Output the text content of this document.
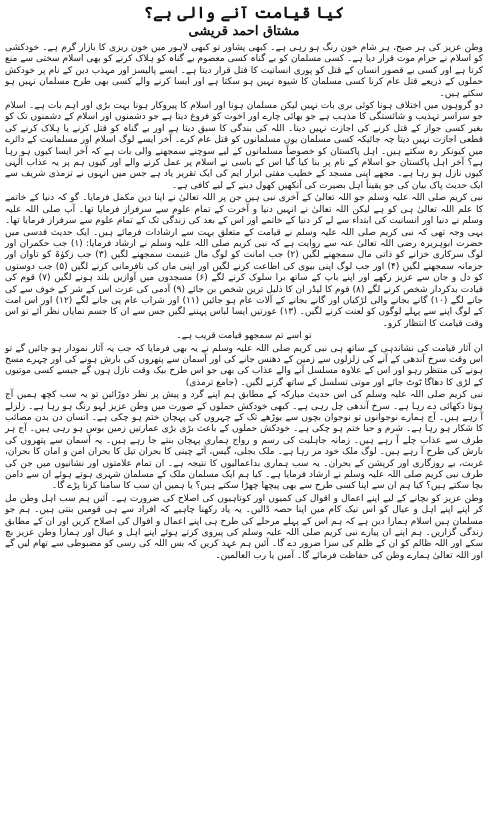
کیا قیامت آنے والی ہے؟
مشتاق احمد قریشی

وطن عزیز کی ہر صبح، ہر شام خون رنگ ہو رہی ہے۔ کبھی پشاور تو کبھی لاہور میں خون ریزی کا بازار گرم ہے۔ خودکشی کو اسلام نے حرام موت قرار دیا ہے۔ کسی مسلمان کو بے گناہ کسی معصوم بے گناہ کو ہلاک کرنے کو بھی اسلام سختی سے منع کرتا ہے اور کسی بے قصور انسان کے قتل کو پوری انسانیت کا قتل قرار دیتا ہے۔ ایسے پالیسز اور مہذب دین کے نام پر خودکش حملوں کے ذریعے قتل عام کرنا کسی مسلمان کا شیوہ نہیں ہو سکتا ہے اور ایسا کرنے والے کسی بھی طرح مسلمان نہیں ہو سکتے ہیں۔

دو گروہوں میں اختلاف ہونا کوئی بری بات نہیں لیکن مسلمان ہونا اور اسلام کا پیروکار ہونا بہت بڑی اور اہم بات ہے۔ اسلام جو سراسر تہذیب و شائستگی کا مذہب ہے جو بھائی چارے اور اخوت کو فروغ دیتا ہے جو دشمنوں اور اسلام کے دشمنوں تک کو بغیر کسی جواز کے قتل کرنے کی اجازت نہیں دیتا۔ اللہ کی بندگی کا سبق دیتا ہے اور بے گناہ کو قتل کرنے یا ہلاک کرنے کی قطعی اجازت نہیں دیتا چہ جائیکہ کسی مسلمان یوں مسلمانوں کو قتل عام کرے۔ آخر ایسے لوگ اسلام اور مسلمانیت کے دائرے میں کیونکر رہ سکتے ہیں۔ اہل پاکستان کو خصوصاً مسلمانوں کے لیے سوچنے سمجھنے والی بات ہے کہ آخر ایسا کیوں ہو رہا ہے؟ آخر اہل پاکستان جو اسلام کے نام پر بنا کیا گیا اس کے باسی نے اسلام پر عمل کرنے والے اور کیوں ہم پر یہ عذاب الٰہی کیوں نازل ہو رہا ہے۔ مجھے اپنی مسجد کے خطیب مفتی ابرار ایم کی ایک تقریر یاد ہے جس میں انہوں نے ترمذی شریف سے ایک حدیث پاک بیان کی جو یقیناً اہل بصیرت کی آنکھیں کھول دینے کے لیے کافی ہے۔

نبی کریم صلی اللہ علیہ وسلم جو اللہ تعالیٰ کے آخری نبی ہیں جن پر اللہ تعالیٰ نے اپنا دین مکمل فرمایا۔ گو کہ دنیا کے خاتمے کا علم اللہ تعالیٰ ہی کو ہے لیکن اللہ تعالیٰ نے انہیں دنیا و آخرت کے تمام علوم سے سرفراز فرمایا تھا۔ آپ صلی اللہ علیہ وسلم نے دنیا اور انسانیت کی ابتداء سے لے کر دنیا کے خاتمے اور اس کے بعد کی زندگی تک کے تمام علوم سے سرفراز فرمایا تھا۔ یہی وجہ تھی کہ نبی کریم صلی اللہ علیہ وسلم نے قیامت کے متعلق بہت سے ارشادات فرمائے ہیں۔ ایک حدیث قدسی میں حضرت ابوہریرہ رضی اللہ تعالیٰ عنہ سے روایت ہے کہ نبی کریم صلی اللہ علیہ وسلم نے ارشاد فرمایا: (۱) جب حکمران اور لوگ سرکاری خزانے کو ذاتی مال سمجھنے لگیں (۲) جب امانت کو لوگ مال غنیمت سمجھنے لگیں (۳) جب زکوٰۃ کو تاوان اور جرمانہ سمجھنے لگیں (۴) اور جب لوگ اپنی بیوی کی اطاعت کرنے لگیں اور اپنی ماں کی نافرمانی کرنے لگیں (۵) جب دوستوں کو دل و جان سے عزیز رکھے اور اپنے باپ کے ساتھ برا سلوک کرنے لگے (۶) مسجدوں میں آوازیں بلند ہونے لگیں (۷) قوم کی قیادت بدکردار شخص کرنے لگے (۸) قوم کا لیڈر ان کا ذلیل ترین شخص بن جائے (۹) آدمی کی عزت اس کے شر کے خوف سے کی جانے لگے (۱۰) گانے بجانے والی لڑکیاں اور گانے بجانے کے آلات عام ہو جائیں (۱۱) اور شراب عام پی جانے لگے (۱۲) اور اس امت کے لوگ اپنے سے پہلے لوگوں کو لعنت کرنے لگیں۔ (۱۳) عورتیں ایسا لباس پہننے لگیں جس سے ان کا جسم نمایاں نظر آئے تو اس وقت قیامت کا انتظار کرو۔

تو اسے تم سمجھو قیامت قریب ہے۔

ان آثار قیامت کی نشاندہی کے ساتھ ہی نبی کریم صلی اللہ علیہ وسلم نے یہ بھی فرمایا کہ جب یہ آثار نمودار ہو جائیں گے تو اس وقت سرخ آندھی کے آنے کی زلزلوں سے زمین کے دھنس جانے کی اور آسمان سے پتھروں کی بارش ہونے کی اور چہرے مسخ ہونے کی منتظر رہو اور اس کے علاوہ مسلسل آنے والے عذاب کی بھی جو اس طرح بیک وقت نازل ہوں گے جیسے کسی موتیوں کے لڑی کا دھاگا ٹوٹ جائے اور موتی تسلسل کے ساتھ گرنے لگیں۔ (جامع ترمذی)

نبی کریم صلی اللہ علیہ وسلم کی اس حدیث مبارکہ کے مطابق ہم اپنے گرد و پیش پر نظر دوڑائیں تو یہ سب کچھ ہمیں آج ہوتا دکھائی دے رہا ہے۔ سرخ آندھی چل رہی ہے۔ کبھی خودکش حملوں کے صورت میں وطن عزیز لہو رنگ ہو رہا ہے۔ زلزلے آ رہے ہیں۔ آج ہمارے نوجوانوں تو نوجوان بچوں سے بوڑھے تک کے چہروں کی پہچان ختم ہو چکی ہے۔ انسان دن بدن مصائب کا شکار ہو رہا ہے۔ شرم و حیا ختم ہو چکی ہے۔ خودکش حملوں کے باعث بڑی بڑی عمارتیں زمین بوس ہو رہی ہیں۔ آج ہر طرف سے عذاب چلے آ رہے ہیں۔ زمانہ جاہلیت کی رسم و رواج ہماری پہچان بنتے جا رہے ہیں۔ یہ آسمان سے پتھروں کی بارش کی طرح آ رہے ہیں۔ لوگ ملک خود مر رہا ہے۔ ملک بجلی، گیس، آٹے چینی کا بحران تیل کا بحران امن و امان کا بحران، غربت، بے روزگاری اور کرپشن کے بحران۔ یہ سب ہماری بداعمالیوں کا نتیجہ ہے۔ ان تمام علامتوں اور نشانیوں میں جن کی طرف نبی کریم صلی اللہ علیہ وسلم نے ارشاد فرمایا ہے۔ کیا ہم ایک مسلمان ملک کے مسلمان شہری ہوتے ہوئے ان سے دامن بچا سکتے ہیں؟ کیا ہم ان سے اپنا کسی طرح سے بھی پیچھا چھڑا سکتے ہیں؟ یا ہمیں ان سب کا سامنا کرنا پڑے گا۔

وطن عزیز کو بچانے کے لیے اپنے اعمال و اقوال کی کمیوں اور کوتاہیوں کی اصلاح کی ضرورت ہے۔ آئیں ہم سب اہل وطن مل کر اپنے اپنے اہل و عیال کو اس نیک کام میں اپنا حصہ ڈالیں۔ یہ یاد رکھنا چاہیے کہ افراد سے ہی قومیں بنتی ہیں۔ ہم جو مسلمان ہیں اسلام ہمارا دین ہے کہ ہم اس کے پہلے مرحلے کی طرح ہی اپنے اعمال و اقوال کی اصلاح کریں اور ان کے مطابق زندگی گزاریں۔ ہم اپنے ان پیارے نبی کریم صلی اللہ علیہ وسلم کی پیروی کرتے ہوئے اپنے اہل و عیال اور ہمارا وطن عزیز بچ سکے اور اللہ ظالم کو ان کے ظلم کی سزا ضرور دے گا۔ آئیں ہم عہد کریں کہ بس اللہ کی رسی کو مضبوطی سے تھام لیں گے اور اللہ تعالیٰ ہمارے وطن کی حفاظت فرمائے گا۔ آمین یا رب العالمین۔
